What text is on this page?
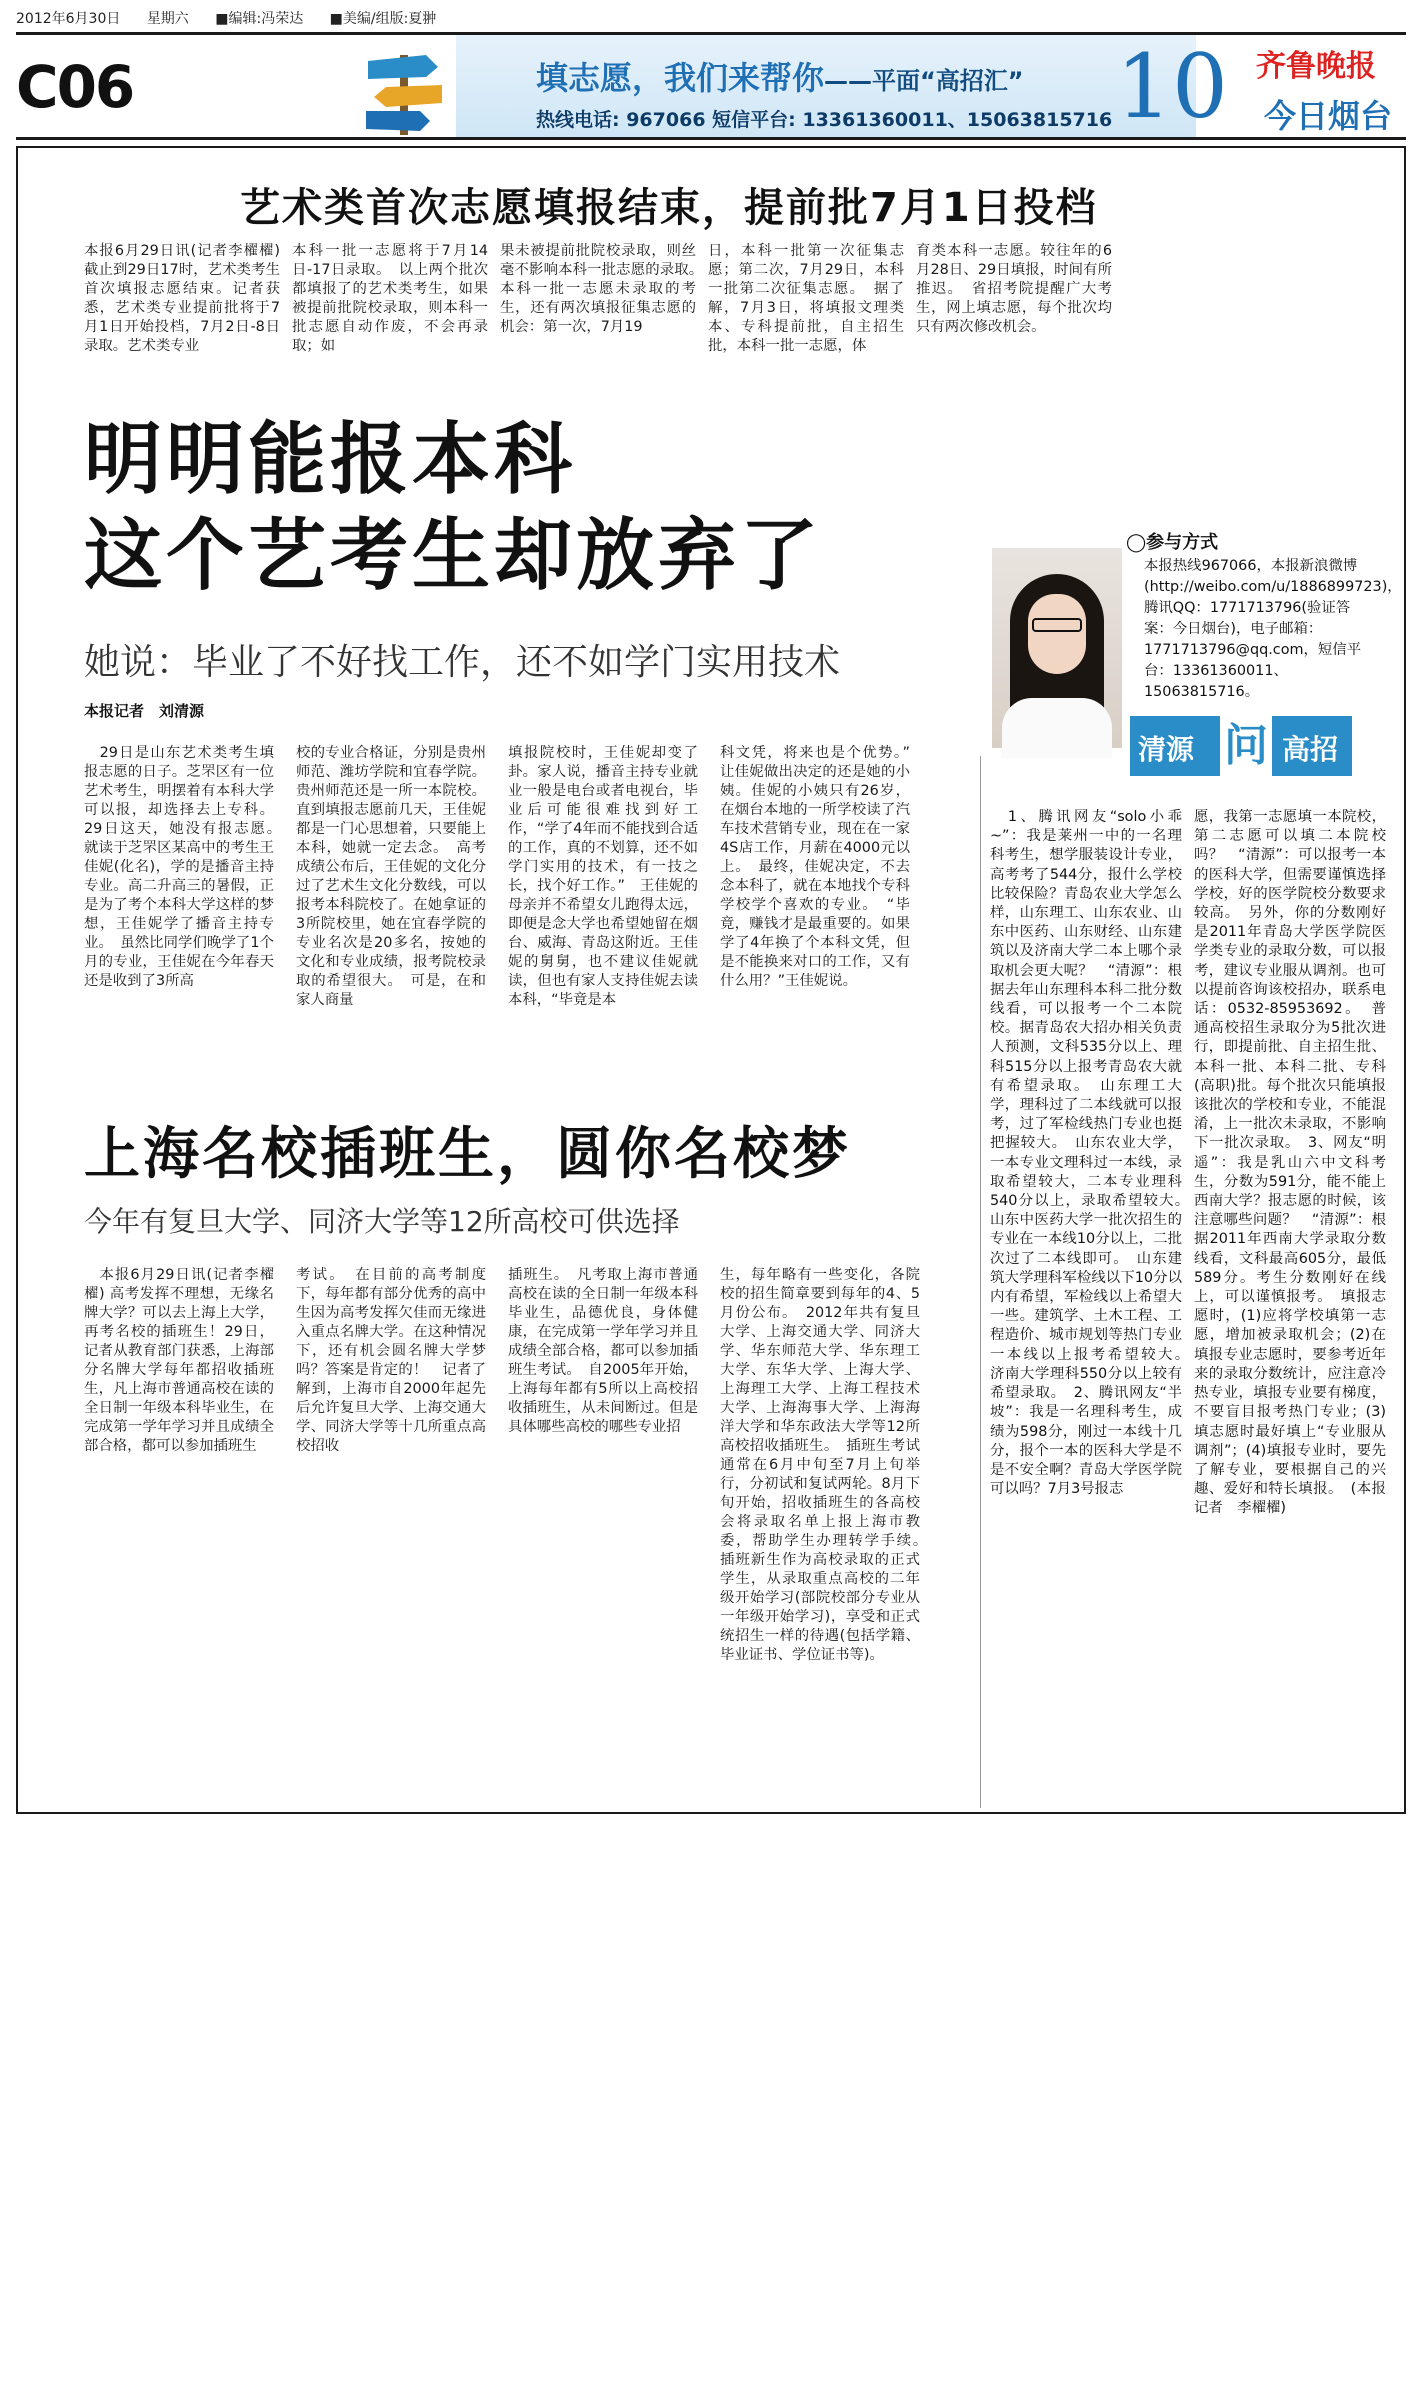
2012年6月30日 星期六 ■编辑:冯荣达 ■美编/组版:夏翀
C06	填志愿，我们来帮你——平面“高招汇”
热线电话: 967066 短信平台: 13361360011、15063815716 10 齐鲁晚报
今日烟台
艺术类首次志愿填报结束，提前批7月1日投档
本报6月29日讯(记者李櫂櫂) 截止到29日17时，艺术类考生首次填报志愿结束。记者获悉，艺术类专业提前批将于7月1日开始投档，7月2日-8日录取。艺术类专业
本科一批一志愿将于7月14日-17日录取。　以上两个批次都填报了的艺术类考生，如果被提前批院校录取，则本科一批志愿自动作废，不会再录取；如
果未被提前批院校录取，则丝毫不影响本科一批志愿的录取。　本科一批一志愿未录取的考生，还有两次填报征集志愿的机会：第一次，7月19
日，本科一批第一次征集志愿；第二次，7月29日，本科一批第二次征集志愿。　据了解，7月3日，将填报文理类本、专科提前批，自主招生批，本科一批一志愿，体
育类本科一志愿。较往年的6月28日、29日填报，时间有所推迟。　省招考院提醒广大考生，网上填志愿，每个批次均只有两次修改机会。
明明能报本科
这个艺考生却放弃了
她说：毕业了不好找工作，还不如学门实用技术
本报记者　刘清源
　29日是山东艺术类考生填报志愿的日子。芝罘区有一位艺术考生，明摆着有本科大学可以报，却选择去上专科。29日这天，她没有报志愿。　就读于芝罘区某高中的考生王佳妮(化名)，学的是播音主持专业。高二升高三的暑假，正是为了考个本科大学这样的梦想，王佳妮学了播音主持专业。　虽然比同学们晚学了1个月的专业，王佳妮在今年春天还是收到了3所高
校的专业合格证，分别是贵州师范、潍坊学院和宜春学院。贵州师范还是一所一本院校。直到填报志愿前几天，王佳妮都是一门心思想着，只要能上本科，她就一定去念。　高考成绩公布后，王佳妮的文化分过了艺术生文化分数线，可以报考本科院校了。在她拿证的3所院校里，她在宜春学院的专业名次是20多名，按她的文化和专业成绩，报考院校录取的希望很大。　可是，在和家人商量
填报院校时，王佳妮却变了卦。家人说，播音主持专业就业一般是电台或者电视台，毕业后可能很难找到好工作，“学了4年而不能找到合适的工作，真的不划算，还不如学门实用的技术，有一技之长，找个好工作。”　王佳妮的母亲并不希望女儿跑得太远，即便是念大学也希望她留在烟台、威海、青岛这附近。王佳妮的舅舅，也不建议佳妮就读，但也有家人支持佳妮去读本科，“毕竟是本
科文凭，将来也是个优势。”　让佳妮做出决定的还是她的小姨。佳妮的小姨只有26岁，在烟台本地的一所学校读了汽车技术营销专业，现在在一家4S店工作，月薪在4000元以上。　最终，佳妮决定，不去念本科了，就在本地找个专科学校学个喜欢的专业。　“毕竟，赚钱才是最重要的。如果学了4年换了个本科文凭，但是不能换来对口的工作，又有什么用？”王佳妮说。
◯参与方式
本报热线967066，本报新浪微博(http://weibo.com/u/1886899723)，腾讯QQ：1771713796(验证答案：今日烟台)，电子邮箱：1771713796@qq.com，短信平台：13361360011、15063815716。
清源 问 高招
上海名校插班生，圆你名校梦
今年有复旦大学、同济大学等12所高校可供选择
　本报6月29日讯(记者李櫂櫂) 高考发挥不理想，无缘名牌大学？可以去上海上大学，再考名校的插班生！29日，记者从教育部门获悉，上海部分名牌大学每年都招收插班生，凡上海市普通高校在读的全日制一年级本科毕业生，在完成第一学年学习并且成绩全部合格，都可以参加插班生
考试。　在目前的高考制度下，每年都有部分优秀的高中生因为高考发挥欠佳而无缘进入重点名牌大学。在这种情况下，还有机会圆名牌大学梦吗？答案是肯定的！　记者了解到，上海市自2000年起先后允许复旦大学、上海交通大学、同济大学等十几所重点高校招收
插班生。　凡考取上海市普通高校在读的全日制一年级本科毕业生，品德优良，身体健康，在完成第一学年学习并且成绩全部合格，都可以参加插班生考试。　自2005年开始，上海每年都有5所以上高校招收插班生，从未间断过。但是具体哪些高校的哪些专业招
生，每年略有一些变化，各院校的招生简章要到每年的4、5月份公布。　2012年共有复旦大学、上海交通大学、同济大学、华东师范大学、华东理工大学、东华大学、上海大学、上海理工大学、上海工程技术大学、上海海事大学、上海海洋大学和华东政法大学等12所高校招收插班生。　插班生考试通常在6月中旬至7月上旬举行，分初试和复试两轮。8月下旬开始，招收插班生的各高校会将录取名单上报上海市教委，帮助学生办理转学手续。　插班新生作为高校录取的正式学生，从录取重点高校的二年级开始学习(部院校部分专业从一年级开始学习)，享受和正式统招生一样的待遇(包括学籍、毕业证书、学位证书等)。
　1、腾讯网友“solo小乖~”：我是莱州一中的一名理科考生，想学服装设计专业，高考考了544分，报什么学校比较保险？青岛农业大学怎么样，山东理工、山东农业、山东中医药、山东财经、山东建筑以及济南大学二本上哪个录取机会更大呢？　“清源”：根据去年山东理科本科二批分数线看，可以报考一个二本院校。据青岛农大招办相关负责人预测，文科535分以上、理科515分以上报考青岛农大就有希望录取。　山东理工大学，理科过了二本线就可以报考，过了军检线热门专业也挺把握较大。　山东农业大学，一本专业文理科过一本线，录取希望较大，二本专业理科540分以上，录取希望较大。　山东中医药大学一批次招生的专业在一本线10分以上，二批次过了二本线即可。　山东建筑大学理科军检线以下10分以内有希望，军检线以上希望大一些。建筑学、土木工程、工程造价、城市规划等热门专业一本线以上报考希望较大。　济南大学理科550分以上较有希望录取。　2、腾讯网友“半坡”：我是一名理科考生，成绩为598分，刚过一本线十几分，报个一本的医科大学是不是不安全啊？青岛大学医学院可以吗？7月3号报志
愿，我第一志愿填一本院校，第二志愿可以填二本院校吗？　“清源”：可以报考一本的医科大学，但需要谨慎选择学校，好的医学院校分数要求较高。　另外，你的分数刚好是2011年青岛大学医学院医学类专业的录取分数，可以报考，建议专业服从调剂。也可以提前咨询该校招办，联系电话：0532-85953692。　普通高校招生录取分为5批次进行，即提前批、自主招生批、本科一批、本科二批、专科(高职)批。每个批次只能填报该批次的学校和专业，不能混淆，上一批次未录取，不影响下一批次录取。　3、网友“明遥”：我是乳山六中文科考生，分数为591分，能不能上西南大学？报志愿的时候，该注意哪些问题？　“清源”：根据2011年西南大学录取分数线看，文科最高605分，最低589分。考生分数刚好在线上，可以谨慎报考。　填报志愿时，(1)应将学校填第一志愿，增加被录取机会；(2)在填报专业志愿时，要参考近年来的录取分数统计，应注意冷热专业，填报专业要有梯度，不要盲目报考热门专业；(3)填志愿时最好填上“专业服从调剂”；(4)填报专业时，要先了解专业，要根据自己的兴趣、爱好和特长填报。　(本报记者　李櫂櫂)
